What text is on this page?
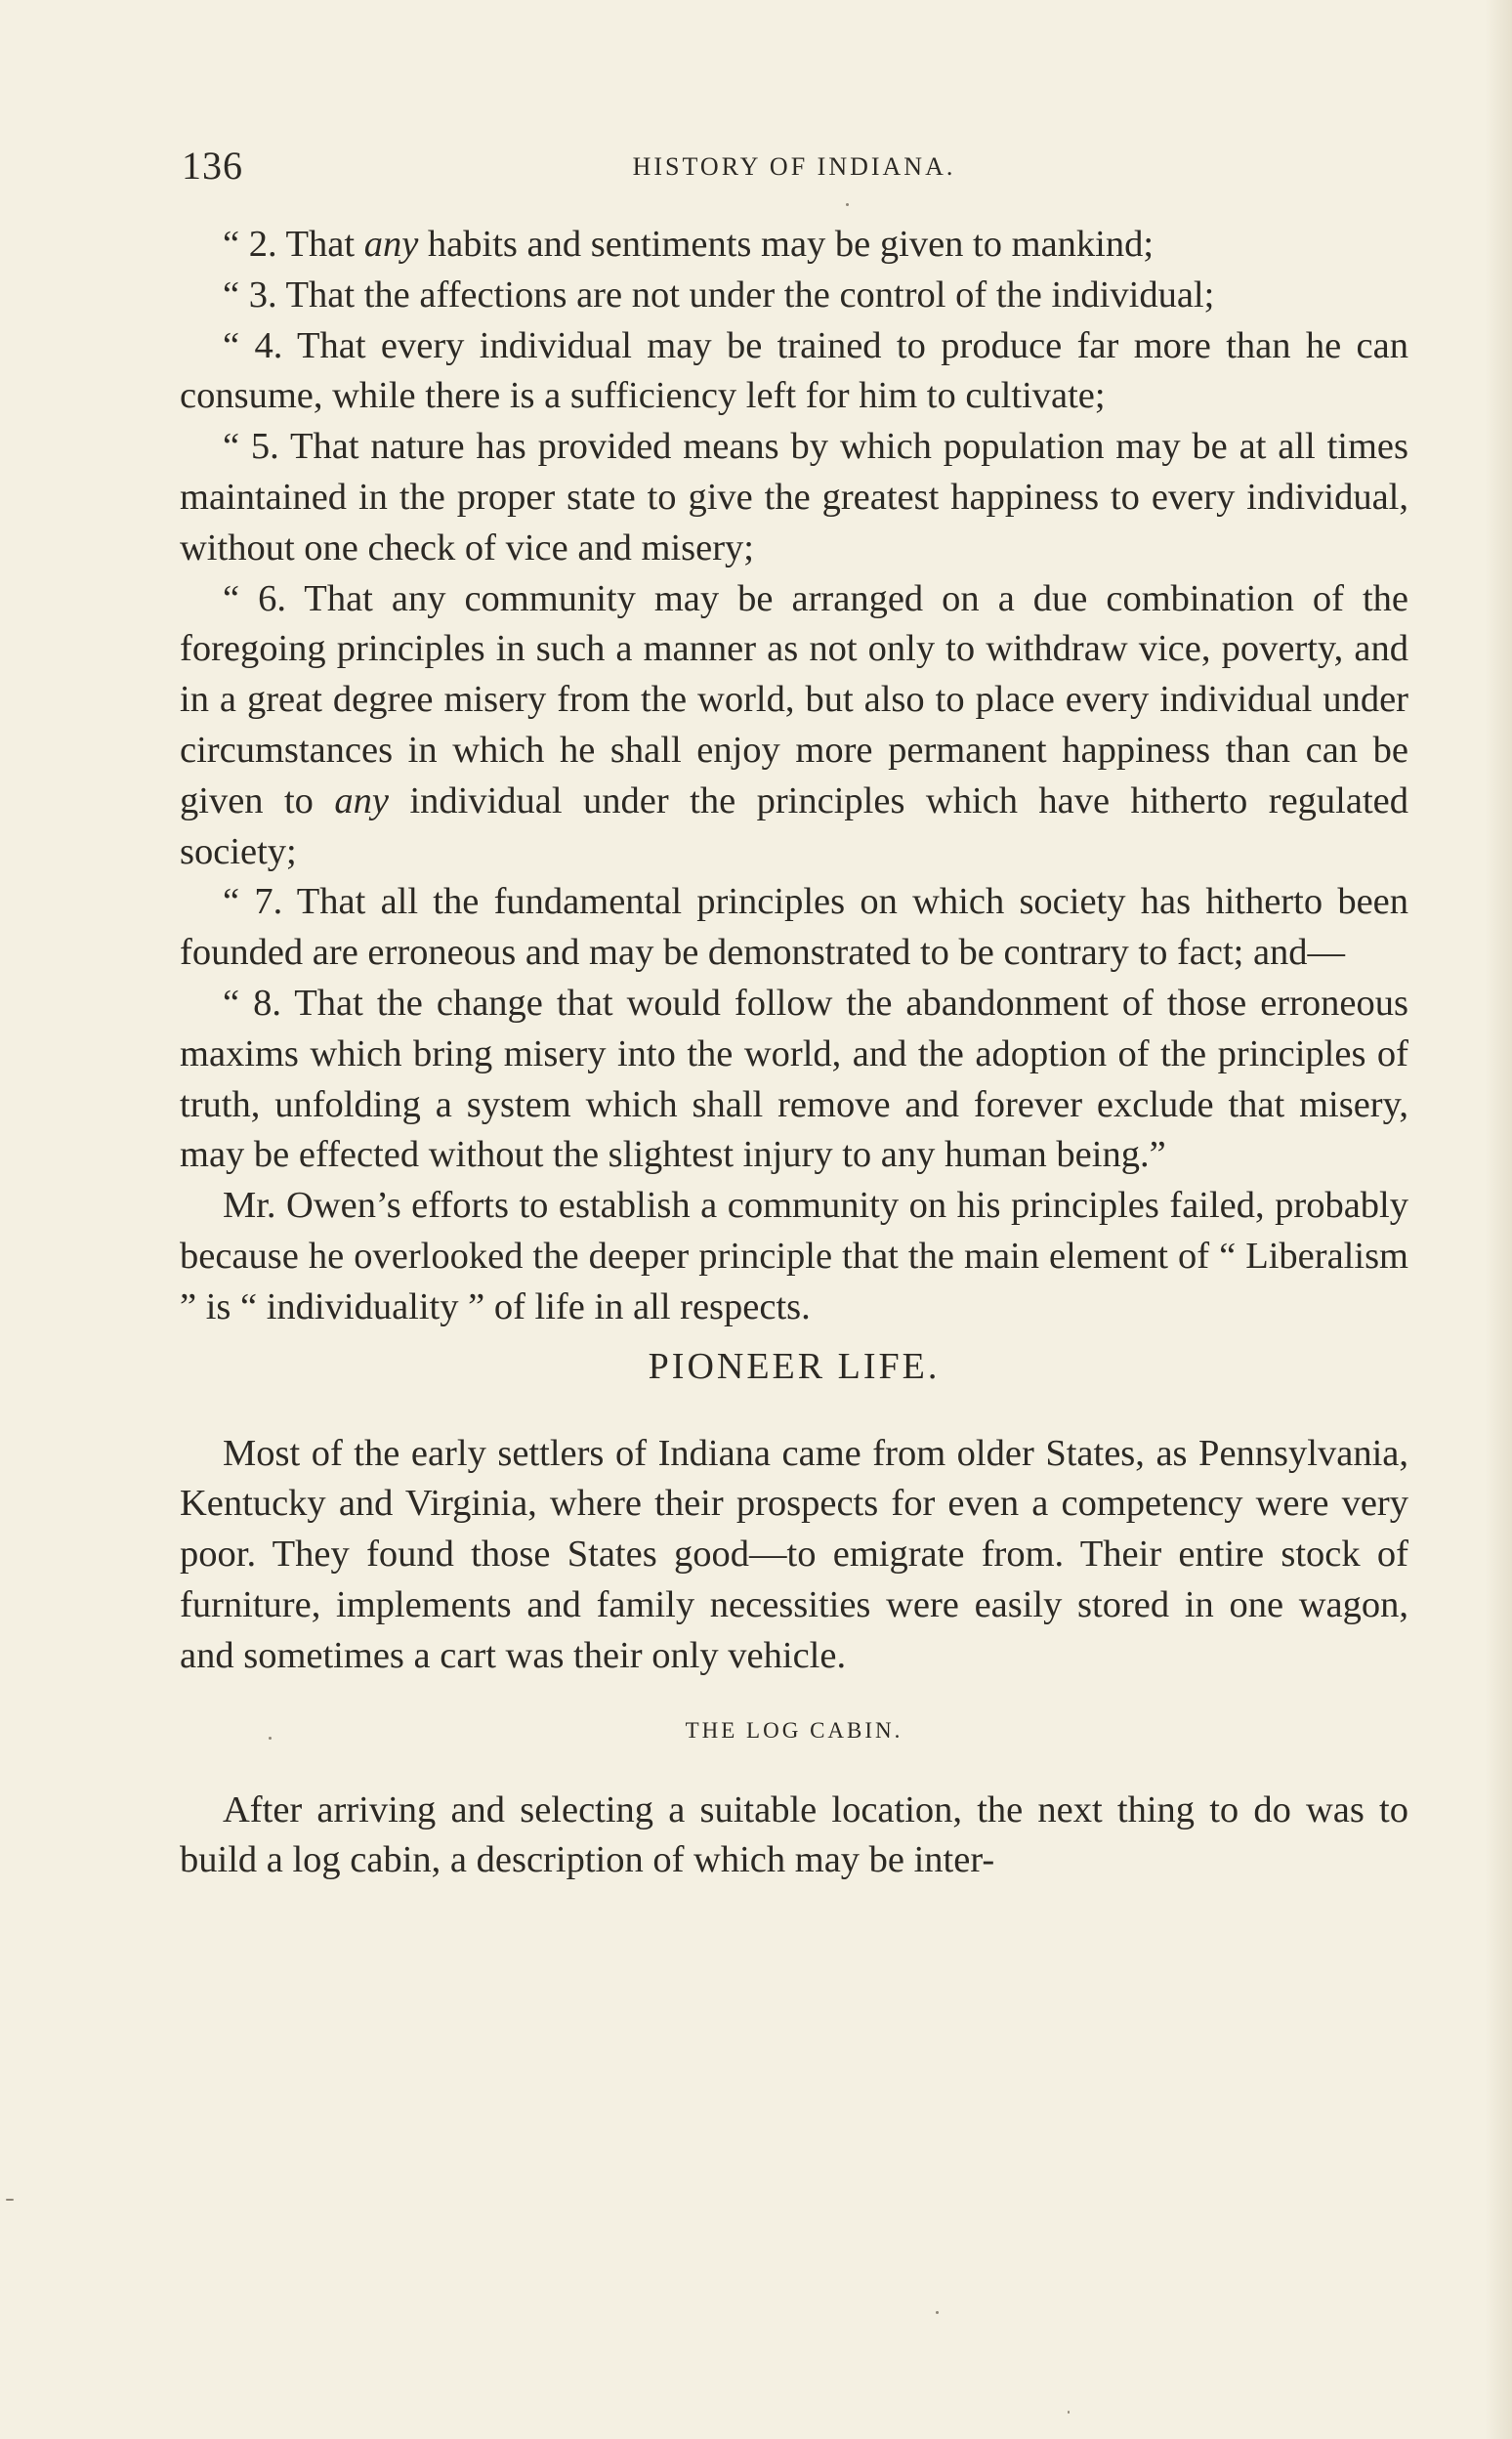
136	HISTORY OF INDIANA.

“ 2. That any habits and sentiments may be given to mankind;

“ 3. That the affections are not under the control of the individual;

“ 4. That every individual may be trained to produce far more than he can consume, while there is a sufficiency left for him to cultivate;

“ 5. That nature has provided means by which population may be at all times maintained in the proper state to give the greatest happiness to every individual, without one check of vice and misery;

“ 6. That any community may be arranged on a due combination of the foregoing principles in such a manner as not only to withdraw vice, poverty, and in a great degree misery from the world, but also to place every individual under circumstances in which he shall enjoy more permanent happiness than can be given to any individual under the principles which have hitherto regulated society;

“ 7. That all the fundamental principles on which society has hitherto been founded are erroneous and may be demonstrated to be contrary to fact; and—

“ 8. That the change that would follow the abandonment of those erroneous maxims which bring misery into the world, and the adoption of the principles of truth, unfolding a system which shall remove and forever exclude that misery, may be effected without the slightest injury to any human being.”

Mr. Owen’s efforts to establish a community on his principles failed, probably because he overlooked the deeper principle that the main element of “ Liberalism ” is “ individuality ” of life in all respects.

PIONEER LIFE.

Most of the early settlers of Indiana came from older States, as Pennsylvania, Kentucky and Virginia, where their prospects for even a competency were very poor. They found those States good—to emigrate from. Their entire stock of furniture, implements and family necessities were easily stored in one wagon, and sometimes a cart was their only vehicle.

THE LOG CABIN.

After arriving and selecting a suitable location, the next thing to do was to build a log cabin, a description of which may be inter-
